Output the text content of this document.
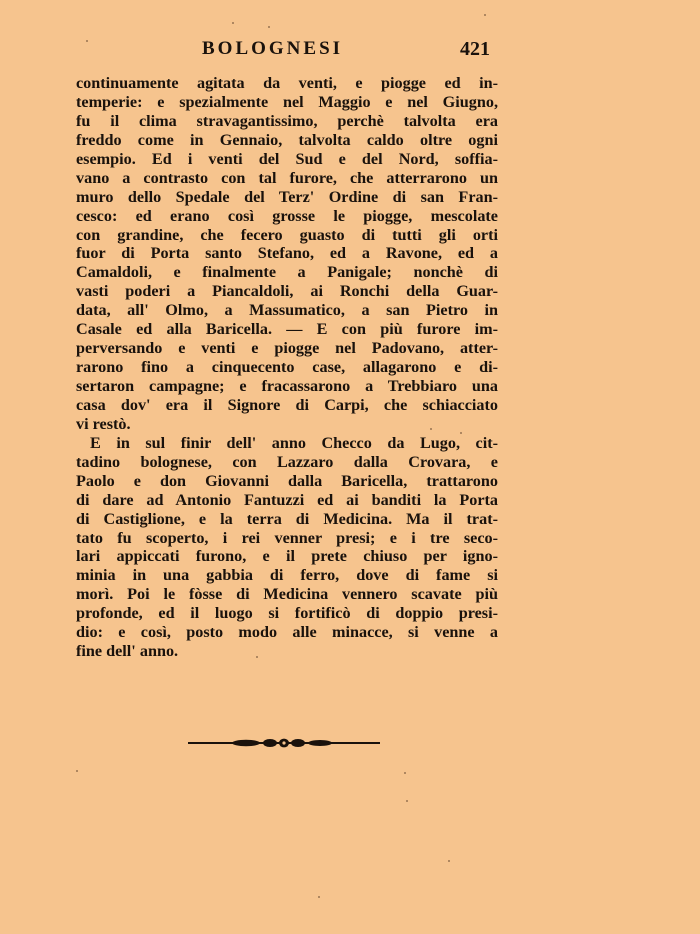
BOLOGNESI	421
continuamente agitata da venti, e piogge ed in-
temperie: e spezialmente nel Maggio e nel Giugno,
fu il clima stravagantissimo, perchè talvolta era
freddo come in Gennaio, talvolta caldo oltre ogni
esempio. Ed i venti del Sud e del Nord, soffia-
vano a contrasto con tal furore, che atterrarono un
muro dello Spedale del Terz' Ordine di san Fran-
cesco: ed erano così grosse le piogge, mescolate
con grandine, che fecero guasto di tutti gli orti
fuor di Porta santo Stefano, ed a Ravone, ed a
Camaldoli, e finalmente a Panigale; nonchè di
vasti poderi a Piancaldoli, ai Ronchi della Guar-
data, all' Olmo, a Massumatico, a san Pietro in
Casale ed alla Baricella. — E con più furore im-
perversando e venti e piogge nel Padovano, atter-
rarono fino a cinquecento case, allagarono e di-
sertaron campagne; e fracassarono a Trebbiaro una
casa dov' era il Signore di Carpi, che schiacciato
vi restò.
E in sul finir dell' anno Checco da Lugo, cit-
tadino bolognese, con Lazzaro dalla Crovara, e
Paolo e don Giovanni dalla Baricella, trattarono
di dare ad Antonio Fantuzzi ed ai banditi la Porta
di Castiglione, e la terra di Medicina. Ma il trat-
tato fu scoperto, i rei venner presi; e i tre seco-
lari appiccati furono, e il prete chiuso per igno-
minia in una gabbia di ferro, dove di fame si
morì. Poi le fòsse di Medicina vennero scavate più
profonde, ed il luogo si fortificò di doppio presi-
dio: e così, posto modo alle minacce, si venne a
fine dell' anno.
